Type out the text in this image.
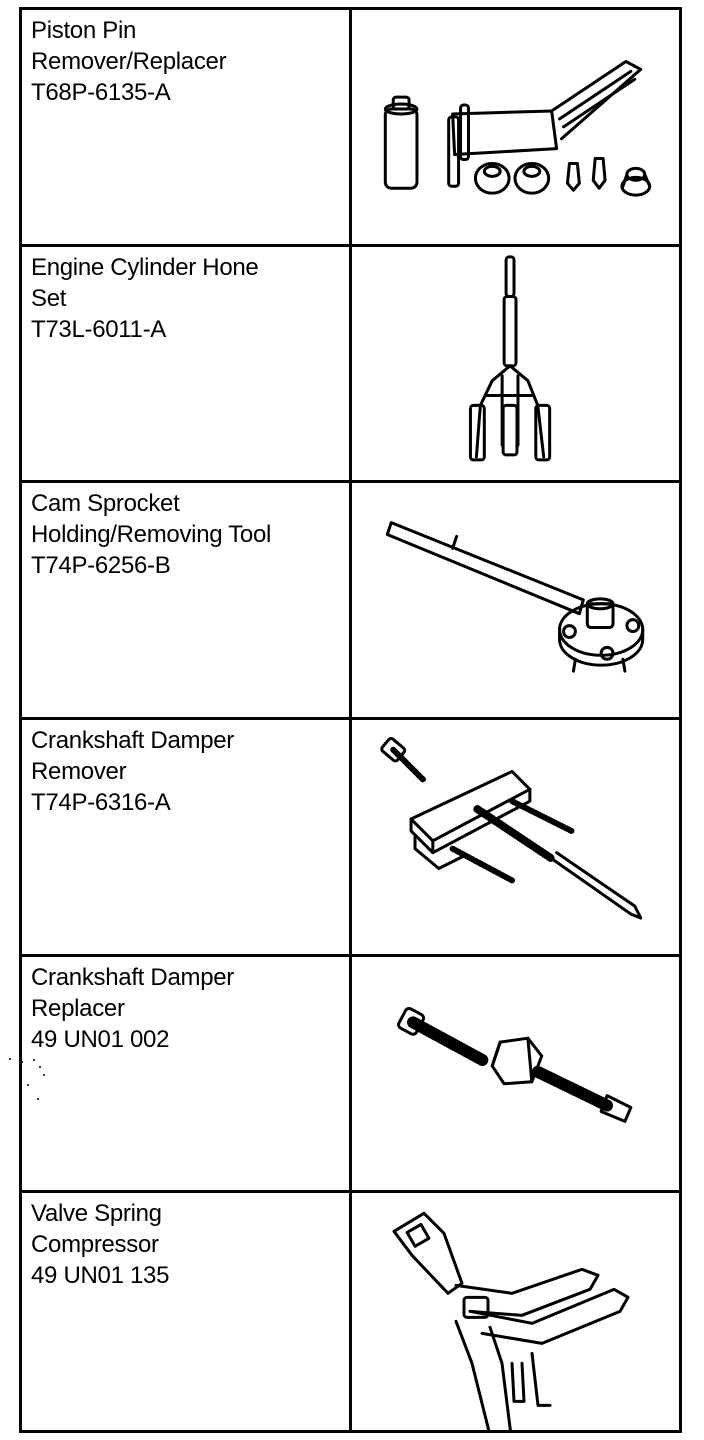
Piston Pin
Remover/Replacer
T68P-6135-A
Engine Cylinder Hone
Set
T73L-6011-A
Cam Sprocket
Holding/Removing Tool
T74P-6256-B
Crankshaft Damper
Remover
T74P-6316-A
Crankshaft Damper
Replacer
49 UN01 002
Valve Spring
Compressor
49 UN01 135
